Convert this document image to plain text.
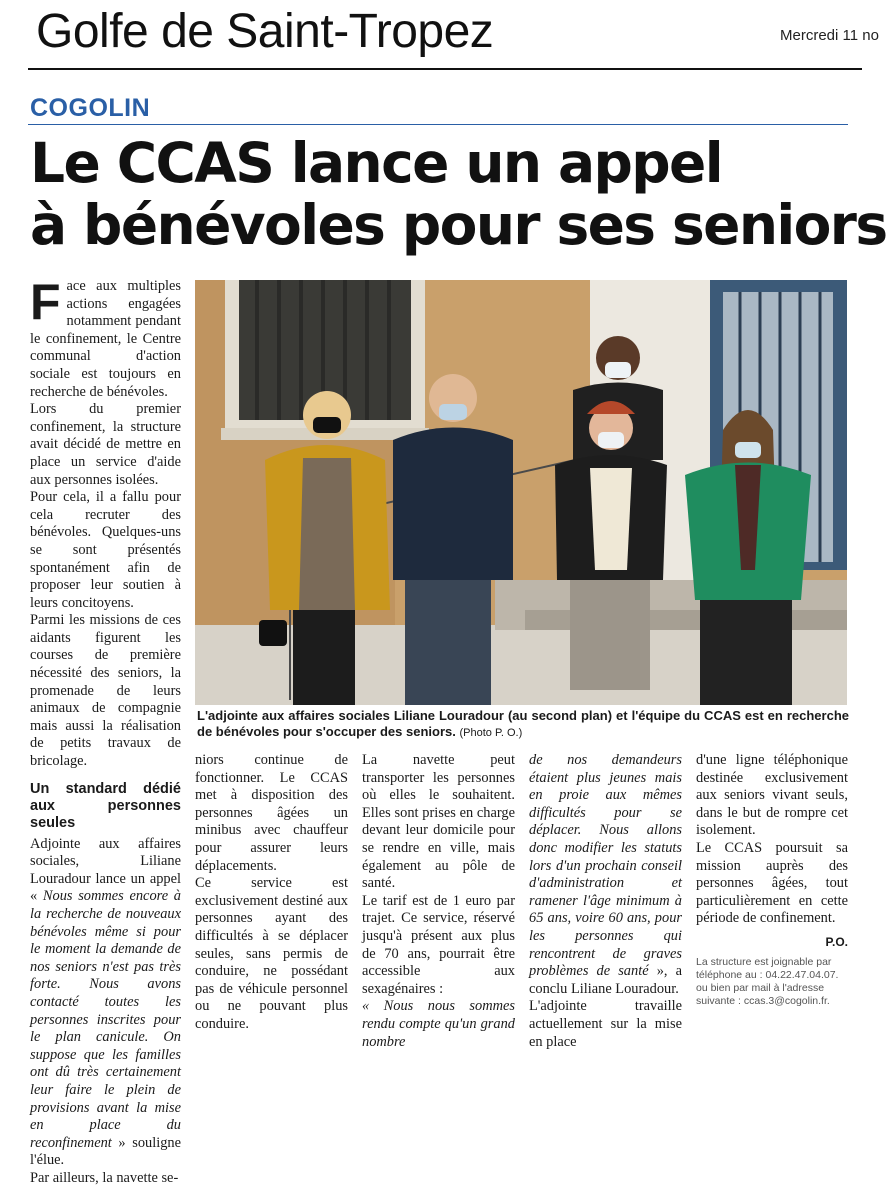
Golfe de Saint-Tropez	Mercredi 11 no
COGOLIN
Le CCAS lance un appel
à bénévoles pour ses seniors

Face aux multiples actions engagées notamment pendant le confinement, le Centre communal d'action sociale est toujours en recherche de bénévoles.

Lors du premier confinement, la structure avait décidé de mettre en place un service d'aide aux personnes isolées.

Pour cela, il a fallu pour cela recruter des bénévoles. Quelques-uns se sont présentés spontanément afin de proposer leur soutien à leurs concitoyens.

Parmi les missions de ces aidants figurent les courses de première nécessité des seniors, la promenade de leurs animaux de compagnie mais aussi la réalisation de petits travaux de bricolage.

Un standard dédié aux personnes seules

Adjointe aux affaires sociales, Liliane Louradour lance un appel « Nous sommes encore à la recherche de nouveaux bénévoles même si pour le moment la demande de nos seniors n'est pas très forte. Nous avons contacté toutes les personnes inscrites pour le plan canicule. On suppose que les familles ont dû très certainement leur faire le plein de provisions avant la mise en place du reconfinement » souligne l'élue.

Par ailleurs, la navette se-

L'adjointe aux affaires sociales Liliane Louradour (au second plan) et l'équipe du CCAS est en recherche de bénévoles pour s'occuper des seniors. (Photo P. O.)

niors continue de fonctionner. Le CCAS met à disposition des personnes âgées un minibus avec chauffeur pour assurer leurs déplacements.

Ce service est exclusivement destiné aux personnes ayant des difficultés à se déplacer seules, sans permis de conduire, ne possédant pas de véhicule personnel ou ne pouvant plus conduire.

La navette peut transporter les personnes où elles le souhaitent. Elles sont prises en charge devant leur domicile pour se rendre en ville, mais également au pôle de santé.

Le tarif est de 1 euro par trajet. Ce service, réservé jusqu'à présent aux plus de 70 ans, pourrait être accessible aux sexagénaires :

« Nous nous sommes rendu compte qu'un grand nombre

de nos demandeurs étaient plus jeunes mais en proie aux mêmes difficultés pour se déplacer. Nous allons donc modifier les statuts lors d'un prochain conseil d'administration et ramener l'âge minimum à 65 ans, voire 60 ans, pour les personnes qui rencontrent de graves problèmes de santé », a conclu Liliane Louradour.

L'adjointe travaille actuellement sur la mise en place

d'une ligne téléphonique destinée exclusivement aux seniors vivant seuls, dans le but de rompre cet isolement.

Le CCAS poursuit sa mission auprès des personnes âgées, tout particulièrement en cette période de confinement.

P.O.
La structure est joignable par téléphone au : 04.22.47.04.07. ou bien par mail à l'adresse suivante : ccas.3@cogolin.fr.
